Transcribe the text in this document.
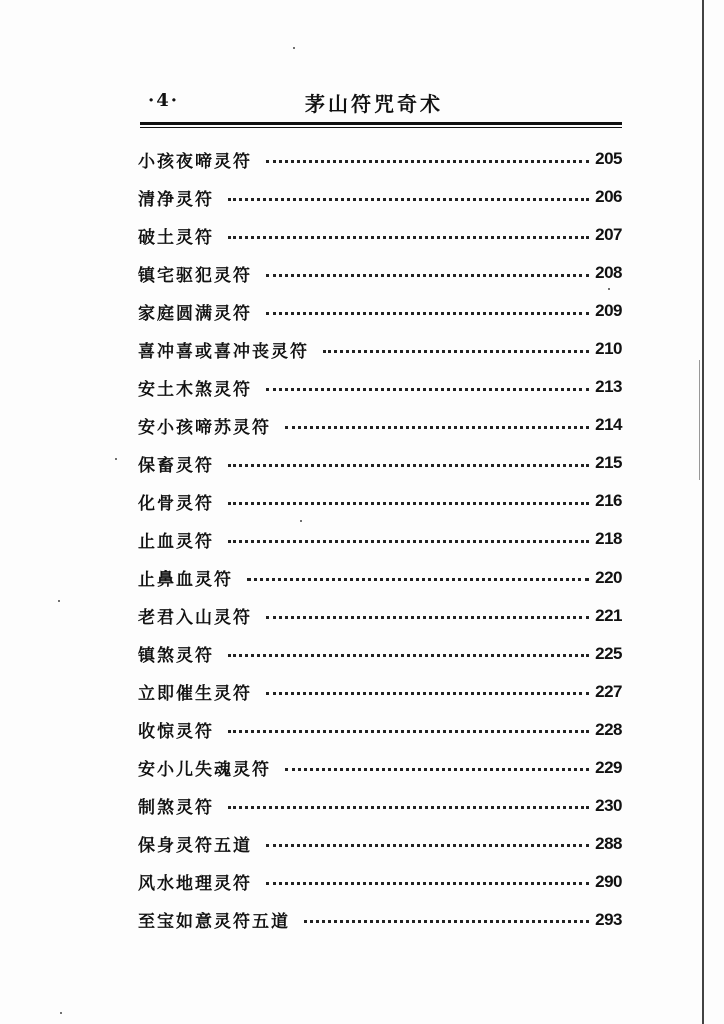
·4·	茅山符咒奇术
小孩夜啼灵符	205
清净灵符	206
破土灵符	207
镇宅驱犯灵符	208
家庭圆满灵符	209
喜冲喜或喜冲丧灵符	210
安土木煞灵符	213
安小孩啼苏灵符	214
保畜灵符	215
化骨灵符	216
止血灵符	218
止鼻血灵符	220
老君入山灵符	221
镇煞灵符	225
立即催生灵符	227
收惊灵符	228
安小儿失魂灵符	229
制煞灵符	230
保身灵符五道	288
风水地理灵符	290
至宝如意灵符五道	293
